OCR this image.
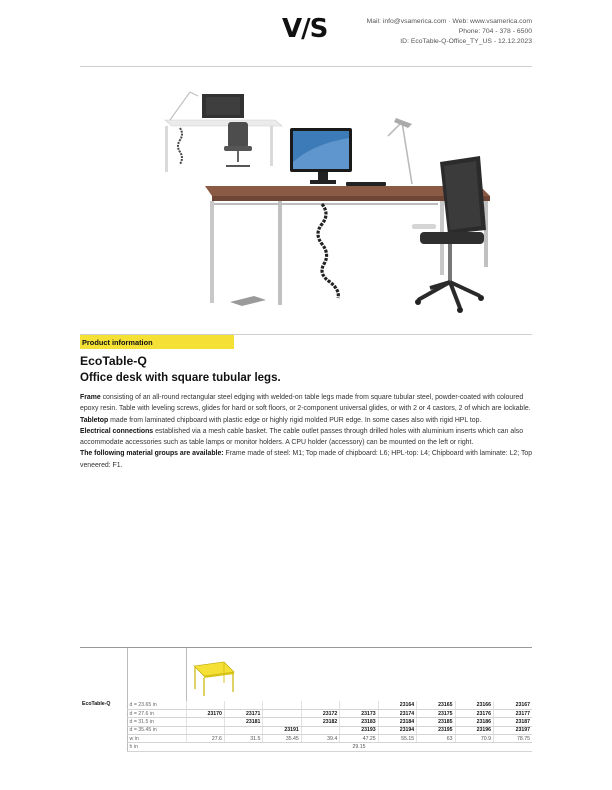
V/S	Mail: info@vsamerica.com · Web: www.vsamerica.com
Phone: 704 - 378 - 6500
ID: EcoTable-Q-Office_TY_US - 12.12.2023
Product information
EcoTable-Q
Office desk with square tubular legs.

Frame consisting of an all-round rectangular steel edging with welded-on table legs made from square tubular steel, powder-coated with coloured epoxy resin. Table with leveling screws, glides for hard or soft floors, or 2-component universal glides, or with 2 or 4 castors, 2 of which are lockable.

Tabletop made from laminated chipboard with plastic edge or highly rigid molded PUR edge. In some cases also with rigid HPL top.

Electrical connections established via a mesh cable basket. The cable outlet passes through drilled holes with aluminium inserts which can also accommodate accessories such as table lamps or monitor holders. A CPU holder (accessory) can be mounted on the left or right.

The following material groups are available: Frame made of steel: M1; Top made of chipboard: L6; HPL-top: L4; Chipboard with laminate: L2; Top veneered: F1.

EcoTable-Q	d = 23.65 in						23164	23165	23166	23167
	d = 27.6 in	23170	23171		23172	23173	23174	23175	23176	23177
	d = 31.5 in		23181		23182	23183	23184	23185	23186	23187
	d = 35.45 in			23191		23193	23194	23195	23196	23197
	w in	27.6	31.5	35.45	39.4	47.25	55.15	63	70.9	78.75
	h in	29.15								
